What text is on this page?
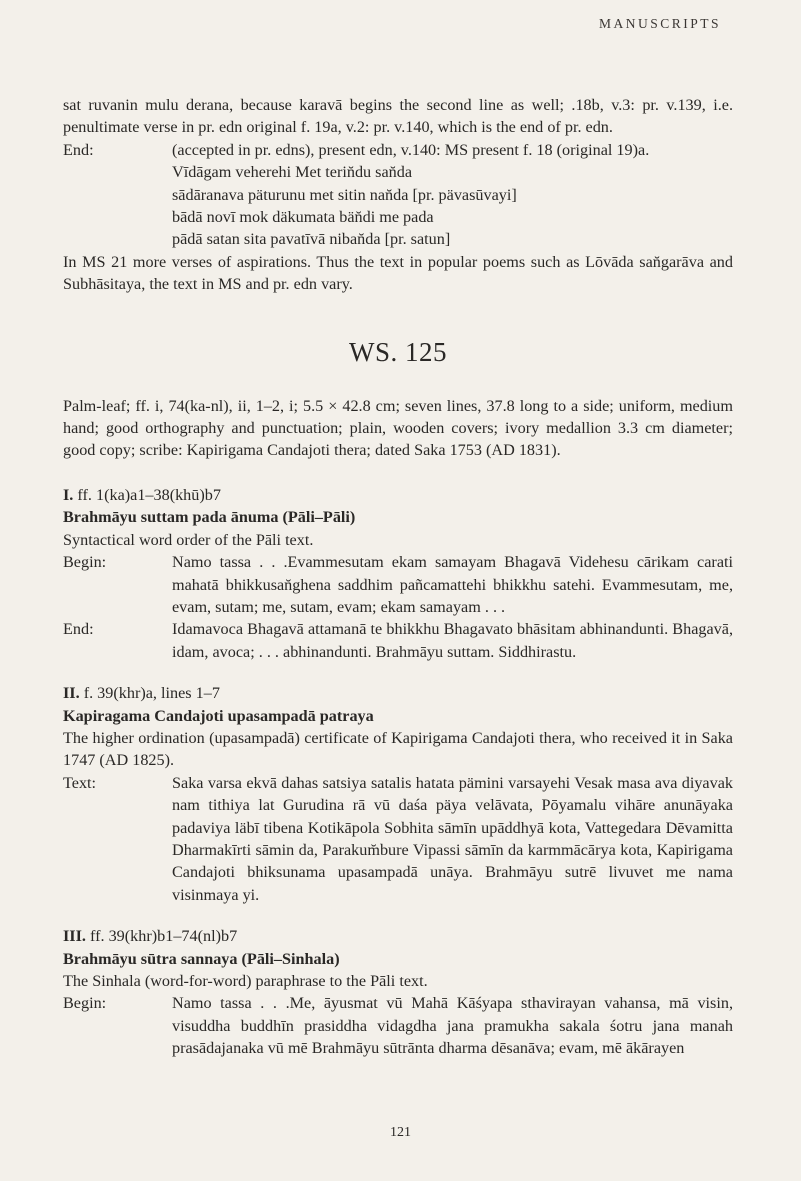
MANUSCRIPTS

sat ruvanin mulu derana, because karavā begins the second line as well; .18b, v.3: pr. v.139, i.e. penultimate verse in pr. edn original f. 19a, v.2: pr. v.140, which is the end of pr. edn.

End:	(accepted in pr. edns), present edn, v.140: MS present f. 18 (original 19)a.
Vīdāgam veherehi Met terin̆du san̆da
sādāranava päturunu met sitin nan̆da [pr. pävasūvayi]
bādā novī mok däkumata bän̆di me pada
pādā satan sita pavatīvā niban̆da [pr. satun]

In MS 21 more verses of aspirations. Thus the text in popular poems such as Lōvāda san̆garāva and Subhāsitaya, the text in MS and pr. edn vary.

WS. 125

Palm-leaf; ff. i, 74(ka-nl), ii, 1–2, i; 5.5 × 42.8 cm; seven lines, 37.8 long to a side; uniform, medium hand; good orthography and punctuation; plain, wooden covers; ivory medallion 3.3 cm diameter; good copy; scribe: Kapirigama Candajoti thera; dated Saka 1753 (AD 1831).

I. ff. 1(ka)a1–38(khū)b7
Brahmāyu suttam pada ānuma (Pāli–Pāli)
Syntactical word order of the Pāli text.
Begin:	Namo tassa . . .Evammesutam ekam samayam Bhagavā Videhesu cārikam carati mahatā bhikkusan̆ghena saddhim pañcamattehi bhikkhu satehi. Evammesutam, me, evam, sutam; me, sutam, evam; ekam samayam . . .
End:	Idamavoca Bhagavā attamanā te bhikkhu Bhagavato bhāsitam abhinandunti. Bhagavā, idam, avoca; . . . abhinandunti. Brahmāyu suttam. Siddhirastu.
II. f. 39(khr)a, lines 1–7
Kapiragama Candajoti upasampadā patraya

The higher ordination (upasampadā) certificate of Kapirigama Candajoti thera, who received it in Saka 1747 (AD 1825).

Text:	Saka varsa ekvā dahas satsiya satalis hatata pämini varsayehi Vesak masa ava diyavak nam tithiya lat Gurudina rā vū daśa päya velāvata, Pōyamalu vihāre anunāyaka padaviya läbī tibena Kotikāpola Sobhita sāmīn upāddhyā kota, Vattegedara Dēvamitta Dharmakīrti sāmin da, Parakum̆bure Vipassi sāmīn da karmmācārya kota, Kapirigama Candajoti bhiksunama upasampadā unāya. Brahmāyu sutrē livuvet me nama visinmaya yi.
III. ff. 39(khr)b1–74(nl)b7
Brahmāyu sūtra sannaya (Pāli–Sinhala)
The Sinhala (word-for-word) paraphrase to the Pāli text.
Begin:	Namo tassa . . .Me, āyusmat vū Mahā Kāśyapa sthavirayan vahansa, mā visin, visuddha buddhīn prasiddha vidagdha jana pramukha sakala śotru jana manah prasādajanaka vū mē Brahmāyu sūtrānta dharma dēsanāva; evam, mē ākārayen
121
